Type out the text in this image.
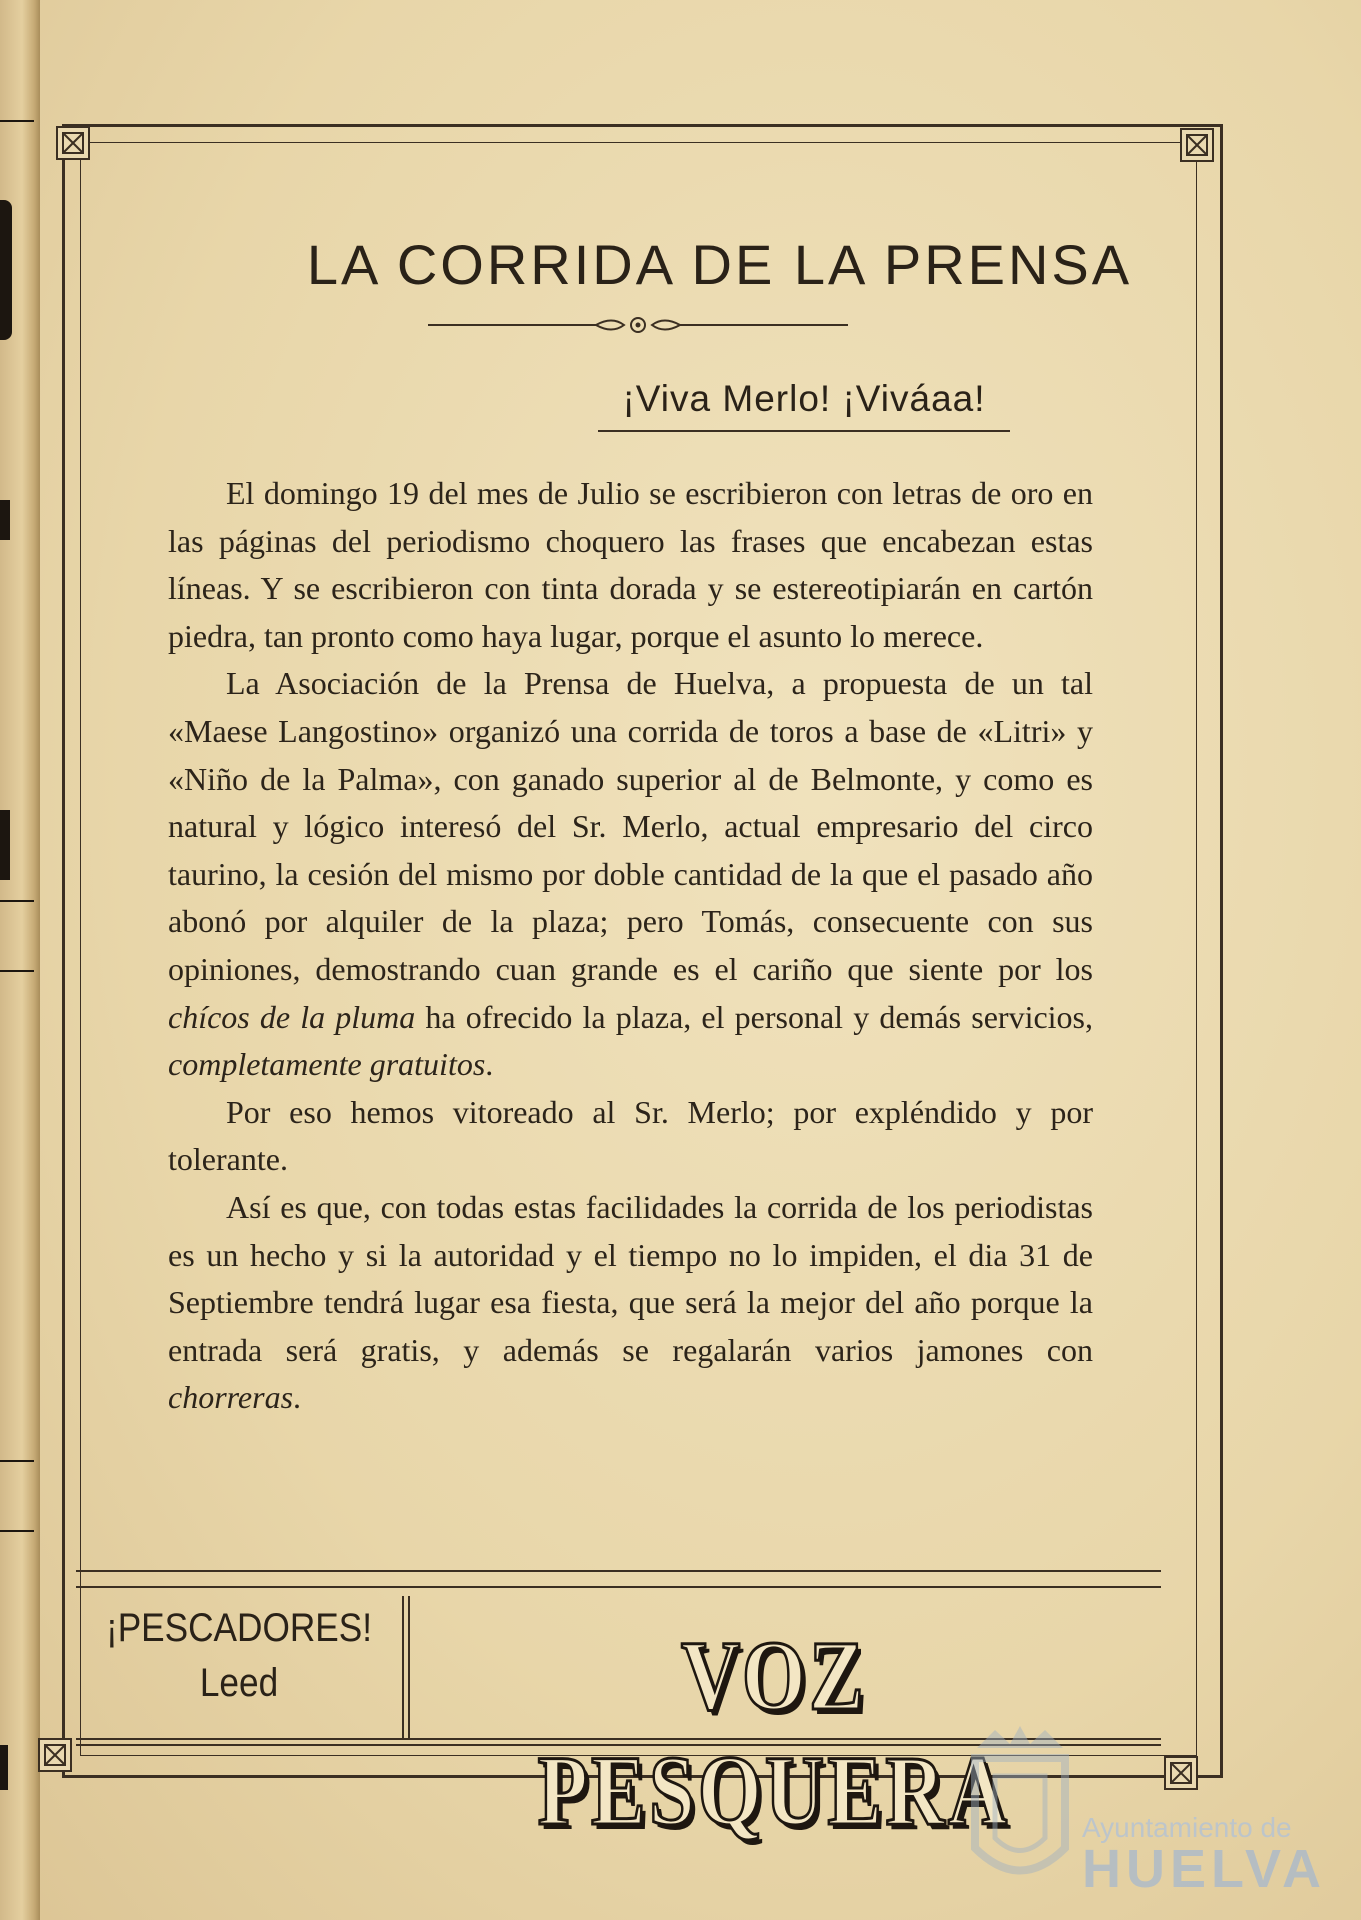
LA CORRIDA DE LA PRENSA
¡Viva Merlo! ¡Viváaa!

El domingo 19 del mes de Julio se escribieron con letras de oro en las páginas del periodismo choquero las frases que encabezan estas líneas. Y se escribieron con tinta dorada y se estereotipiarán en cartón piedra, tan pronto como haya lugar, porque el asunto lo merece.

La Asociación de la Prensa de Huelva, a propuesta de un tal «Maese Langostino» organizó una corrida de toros a base de «Litri» y «Niño de la Palma», con ganado superior al de Belmonte, y como es natural y lógico interesó del Sr. Merlo, actual empresario del circo taurino, la cesión del mismo por doble cantidad de la que el pasado año abonó por alquiler de la plaza; pero Tomás, consecuente con sus opiniones, demostrando cuan grande es el cariño que siente por los chícos de la pluma ha ofrecido la plaza, el personal y demás servicios, completamente gratuitos.

Por eso hemos vitoreado al Sr. Merlo; por expléndido y por tolerante.

Así es que, con todas estas facilidades la corrida de los periodistas es un hecho y si la autoridad y el tiempo no lo impiden, el dia 31 de Septiembre tendrá lugar esa fiesta, que será la mejor del año porque la entrada será gratis, y además se regalarán varios jamones con chorreras.

¡PESCADORES!
Leed	VOZ PESQUERA	Ayuntamiento de
HUELVA
